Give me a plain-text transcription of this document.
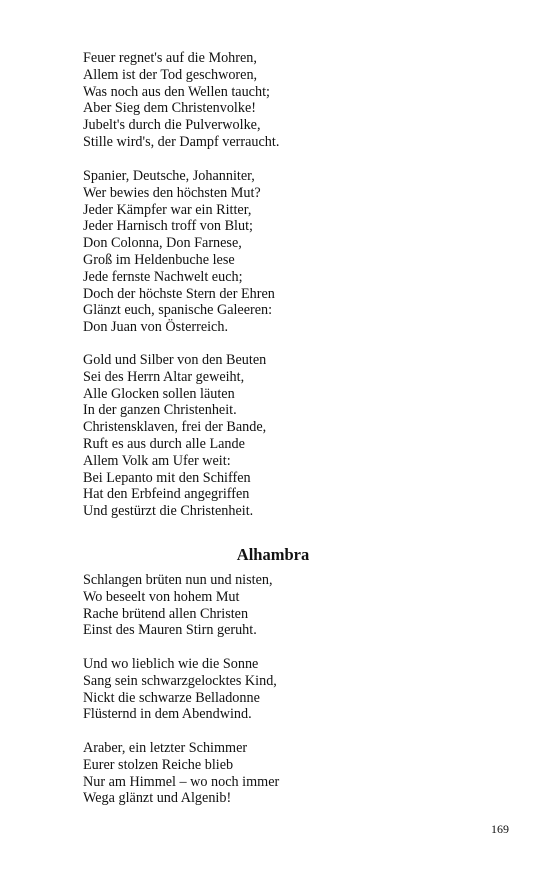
Feuer regnet's auf die Mohren,
Allem ist der Tod geschworen,
Was noch aus den Wellen taucht;
Aber Sieg dem Christenvolke!
Jubelt's durch die Pulverwolke,
Stille wird's, der Dampf verraucht.
Spanier, Deutsche, Johanniter,
Wer bewies den höchsten Mut?
Jeder Kämpfer war ein Ritter,
Jeder Harnisch troff von Blut;
Don Colonna, Don Farnese,
Groß im Heldenbuche lese
Jede fernste Nachwelt euch;
Doch der höchste Stern der Ehren
Glänzt euch, spanische Galeeren:
Don Juan von Österreich.
Gold und Silber von den Beuten
Sei des Herrn Altar geweiht,
Alle Glocken sollen läuten
In der ganzen Christenheit.
Christensklaven, frei der Bande,
Ruft es aus durch alle Lande
Allem Volk am Ufer weit:
Bei Lepanto mit den Schiffen
Hat den Erbfeind angegriffen
Und gestürzt die Christenheit.
Alhambra
Schlangen brüten nun und nisten,
Wo beseelt von hohem Mut
Rache brütend allen Christen
Einst des Mauren Stirn geruht.
Und wo lieblich wie die Sonne
Sang sein schwarzgelocktes Kind,
Nickt die schwarze Belladonne
Flüsternd in dem Abendwind.
Araber, ein letzter Schimmer
Eurer stolzen Reiche blieb
Nur am Himmel – wo noch immer
Wega glänzt und Algenib!
169
